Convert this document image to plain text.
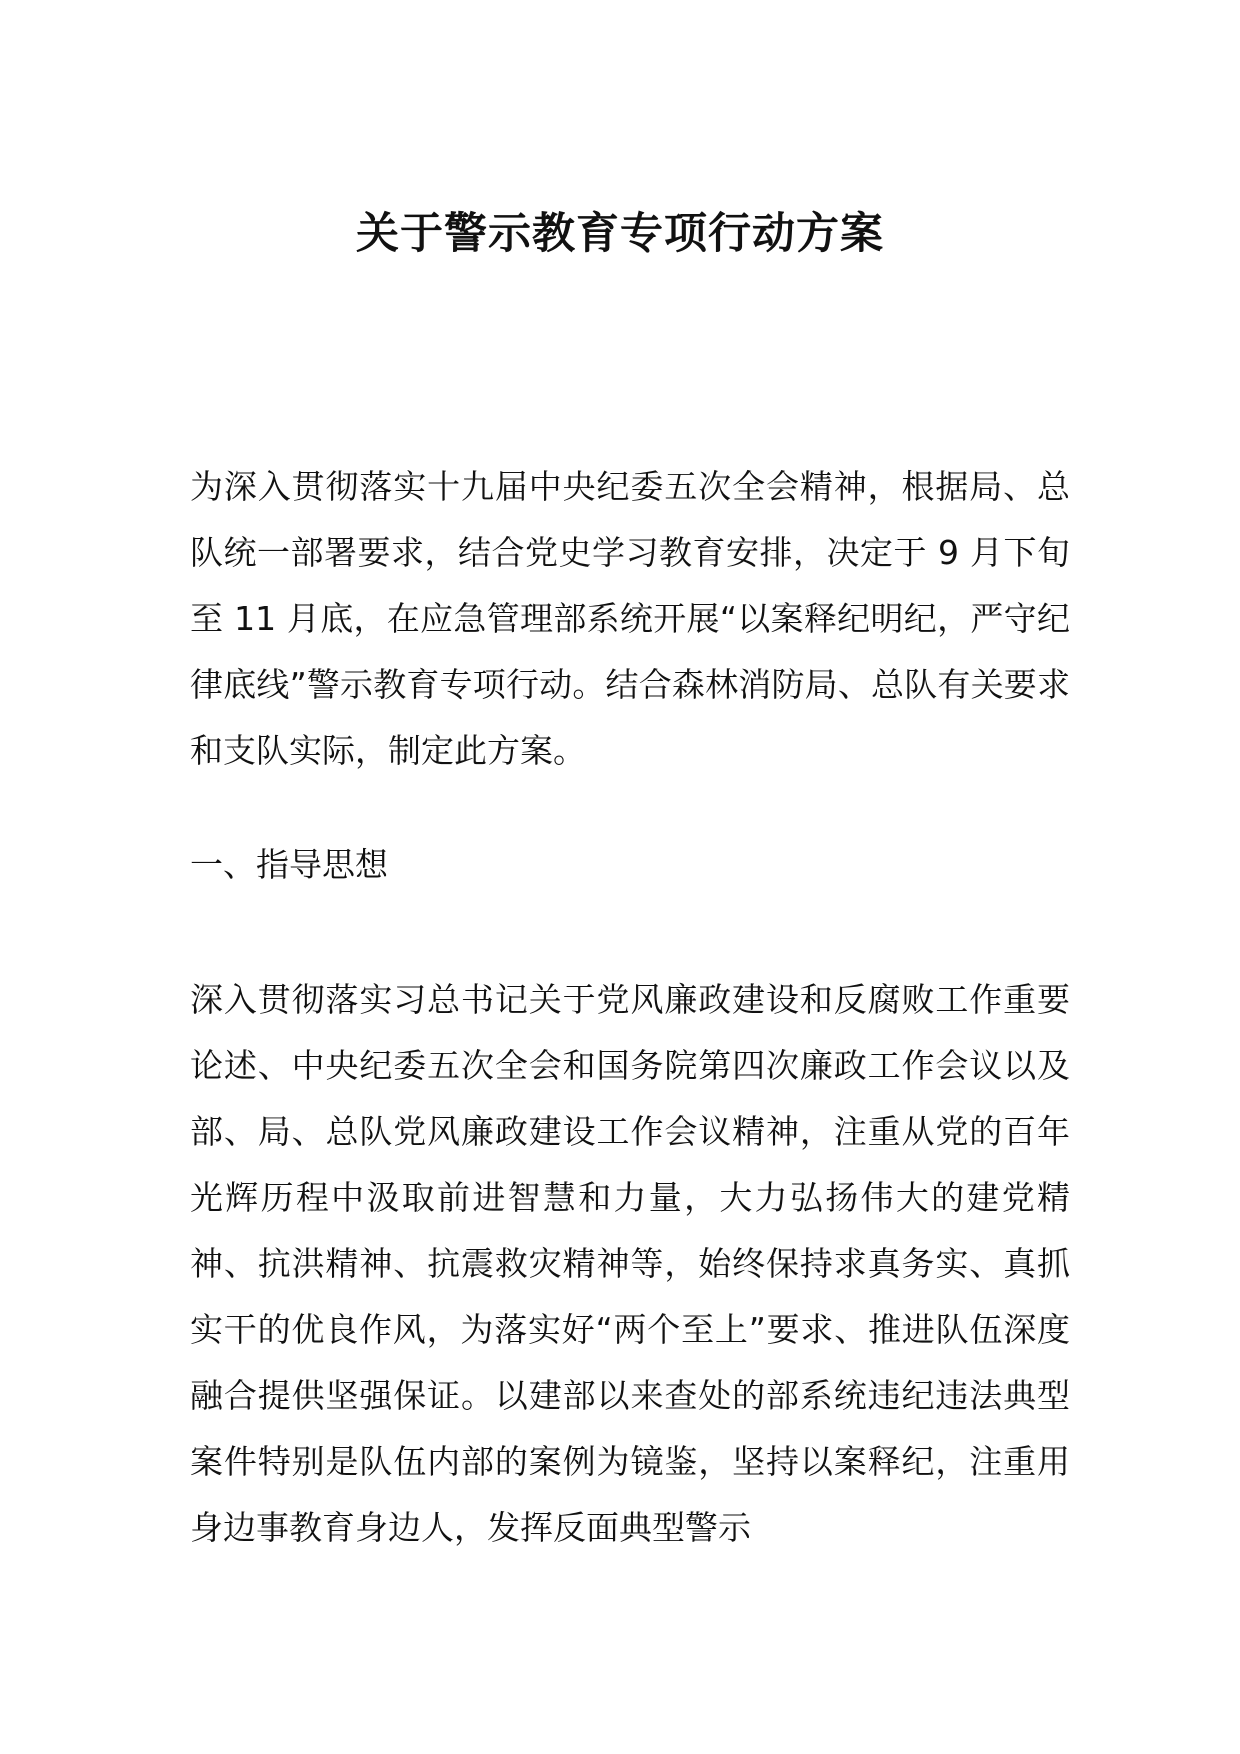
关于警示教育专项行动方案

为深入贯彻落实十九届中央纪委五次全会精神，根据局、总队统一部署要求，结合党史学习教育安排，决定于 9 月下旬至 11 月底，在应急管理部系统开展“以案释纪明纪，严守纪律底线”警示教育专项行动。结合森林消防局、总队有关要求和支队实际，制定此方案。

一、指导思想

深入贯彻落实习总书记关于党风廉政建设和反腐败工作重要论述、中央纪委五次全会和国务院第四次廉政工作会议以及部、局、总队党风廉政建设工作会议精神，注重从党的百年光辉历程中汲取前进智慧和力量，大力弘扬伟大的建党精神、抗洪精神、抗震救灾精神等，始终保持求真务实、真抓实干的优良作风，为落实好“两个至上”要求、推进队伍深度融合提供坚强保证。以建部以来查处的部系统违纪违法典型案件特别是队伍内部的案例为镜鉴，坚持以案释纪，注重用身边事教育身边人，发挥反面典型警示
